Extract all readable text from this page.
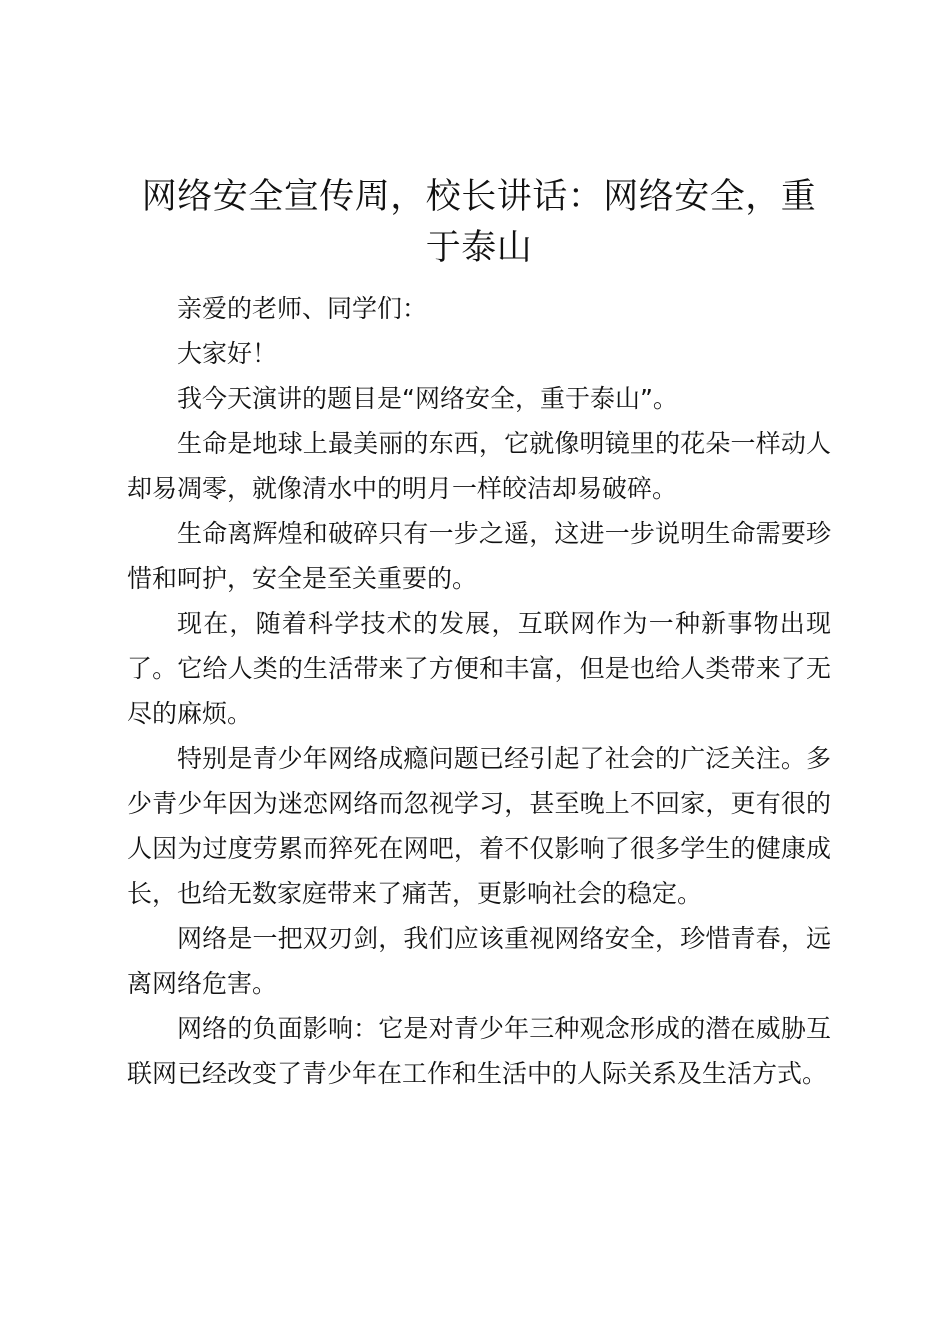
网络安全宣传周，校长讲话：网络安全，重于泰山

亲爱的老师、同学们：

大家好！

我今天演讲的题目是“网络安全，重于泰山”。

生命是地球上最美丽的东西，它就像明镜里的花朵一样动人却易凋零，就像清水中的明月一样皎洁却易破碎。

生命离辉煌和破碎只有一步之遥，这进一步说明生命需要珍惜和呵护，安全是至关重要的。

现在，随着科学技术的发展，互联网作为一种新事物出现了。它给人类的生活带来了方便和丰富，但是也给人类带来了无尽的麻烦。

特别是青少年网络成瘾问题已经引起了社会的广泛关注。多少青少年因为迷恋网络而忽视学习，甚至晚上不回家，更有很的人因为过度劳累而猝死在网吧，着不仅影响了很多学生的健康成长，也给无数家庭带来了痛苦，更影响社会的稳定。

网络是一把双刃剑，我们应该重视网络安全，珍惜青春，远离网络危害。

网络的负面影响：它是对青少年三种观念形成的潜在威胁互联网已经改变了青少年在工作和生活中的人际关系及生活方式。
